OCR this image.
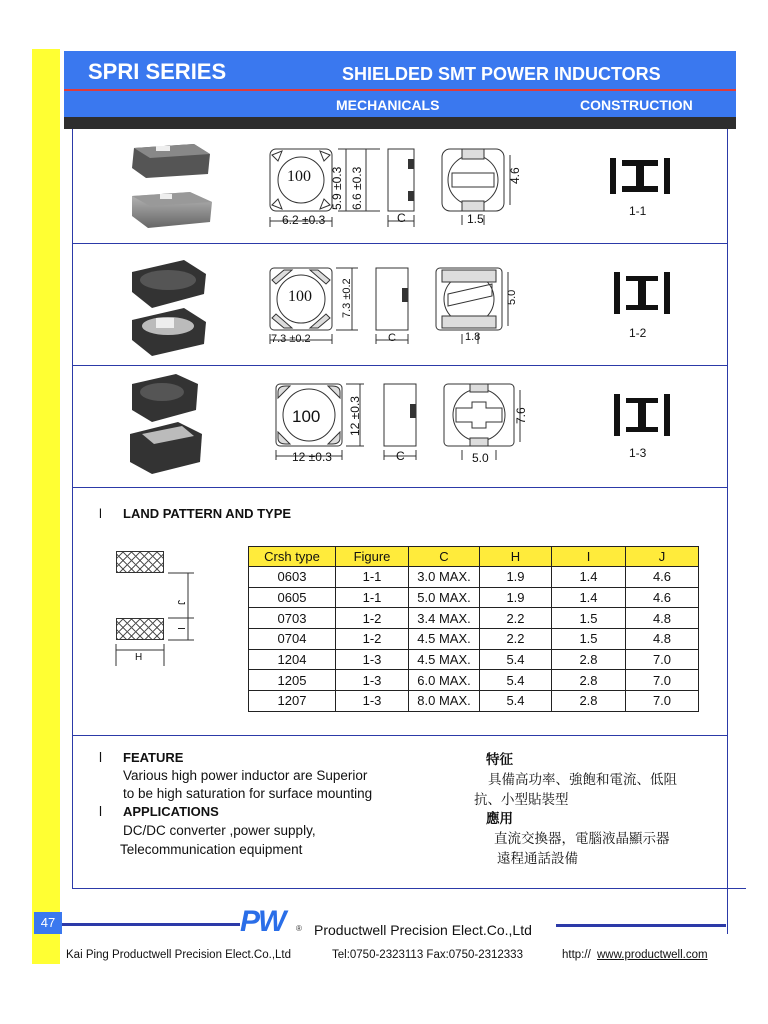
SPRI SERIES	SHIELDED SMT POWER INDUCTORS
MECHANICALS	CONSTRUCTION
100
6.2 ±0.3
5.9 ±0.3 6.6 ±0.3
C	1.5
4.6
1-1
100
7.3 ±0.2
7.3 ±0.2
C	1.8
5.0
1-2
100
12 ±0.3
12 ±0.3
C	5.0
7.6
1-3
l LAND PATTERN AND TYPE
J
I
H
Crsh type	Figure	C	H	I	J
0603	1-1	3.0 MAX.	1.9	1.4	4.6
0605	1-1	5.0 MAX.	1.9	1.4	4.6
0703	1-2	3.4 MAX.	2.2	1.5	4.8
0704	1-2	4.5 MAX.	2.2	1.5	4.8
1204	1-3	4.5 MAX.	5.4	2.8	7.0
1205	1-3	6.0 MAX.	5.4	2.8	7.0
1207	1-3	8.0 MAX.	5.4	2.8	7.0
l FEATURE
Various high power inductor are Superior
to be high saturation for surface mounting
l APPLICATIONS
DC/DC converter ,power supply,
Telecommunication equipment
特征
具備高功率、強飽和電流、低阻
抗、小型貼裝型
應用
直流交換器，電腦液晶顯示器
遠程通話設備
47	PW ® Productwell Precision Elect.Co.,Ltd
Kai Ping Productwell Precision Elect.Co.,Ltd	Tel:0750-2323113 Fax:0750-2312333	http:// www.productwell.com
